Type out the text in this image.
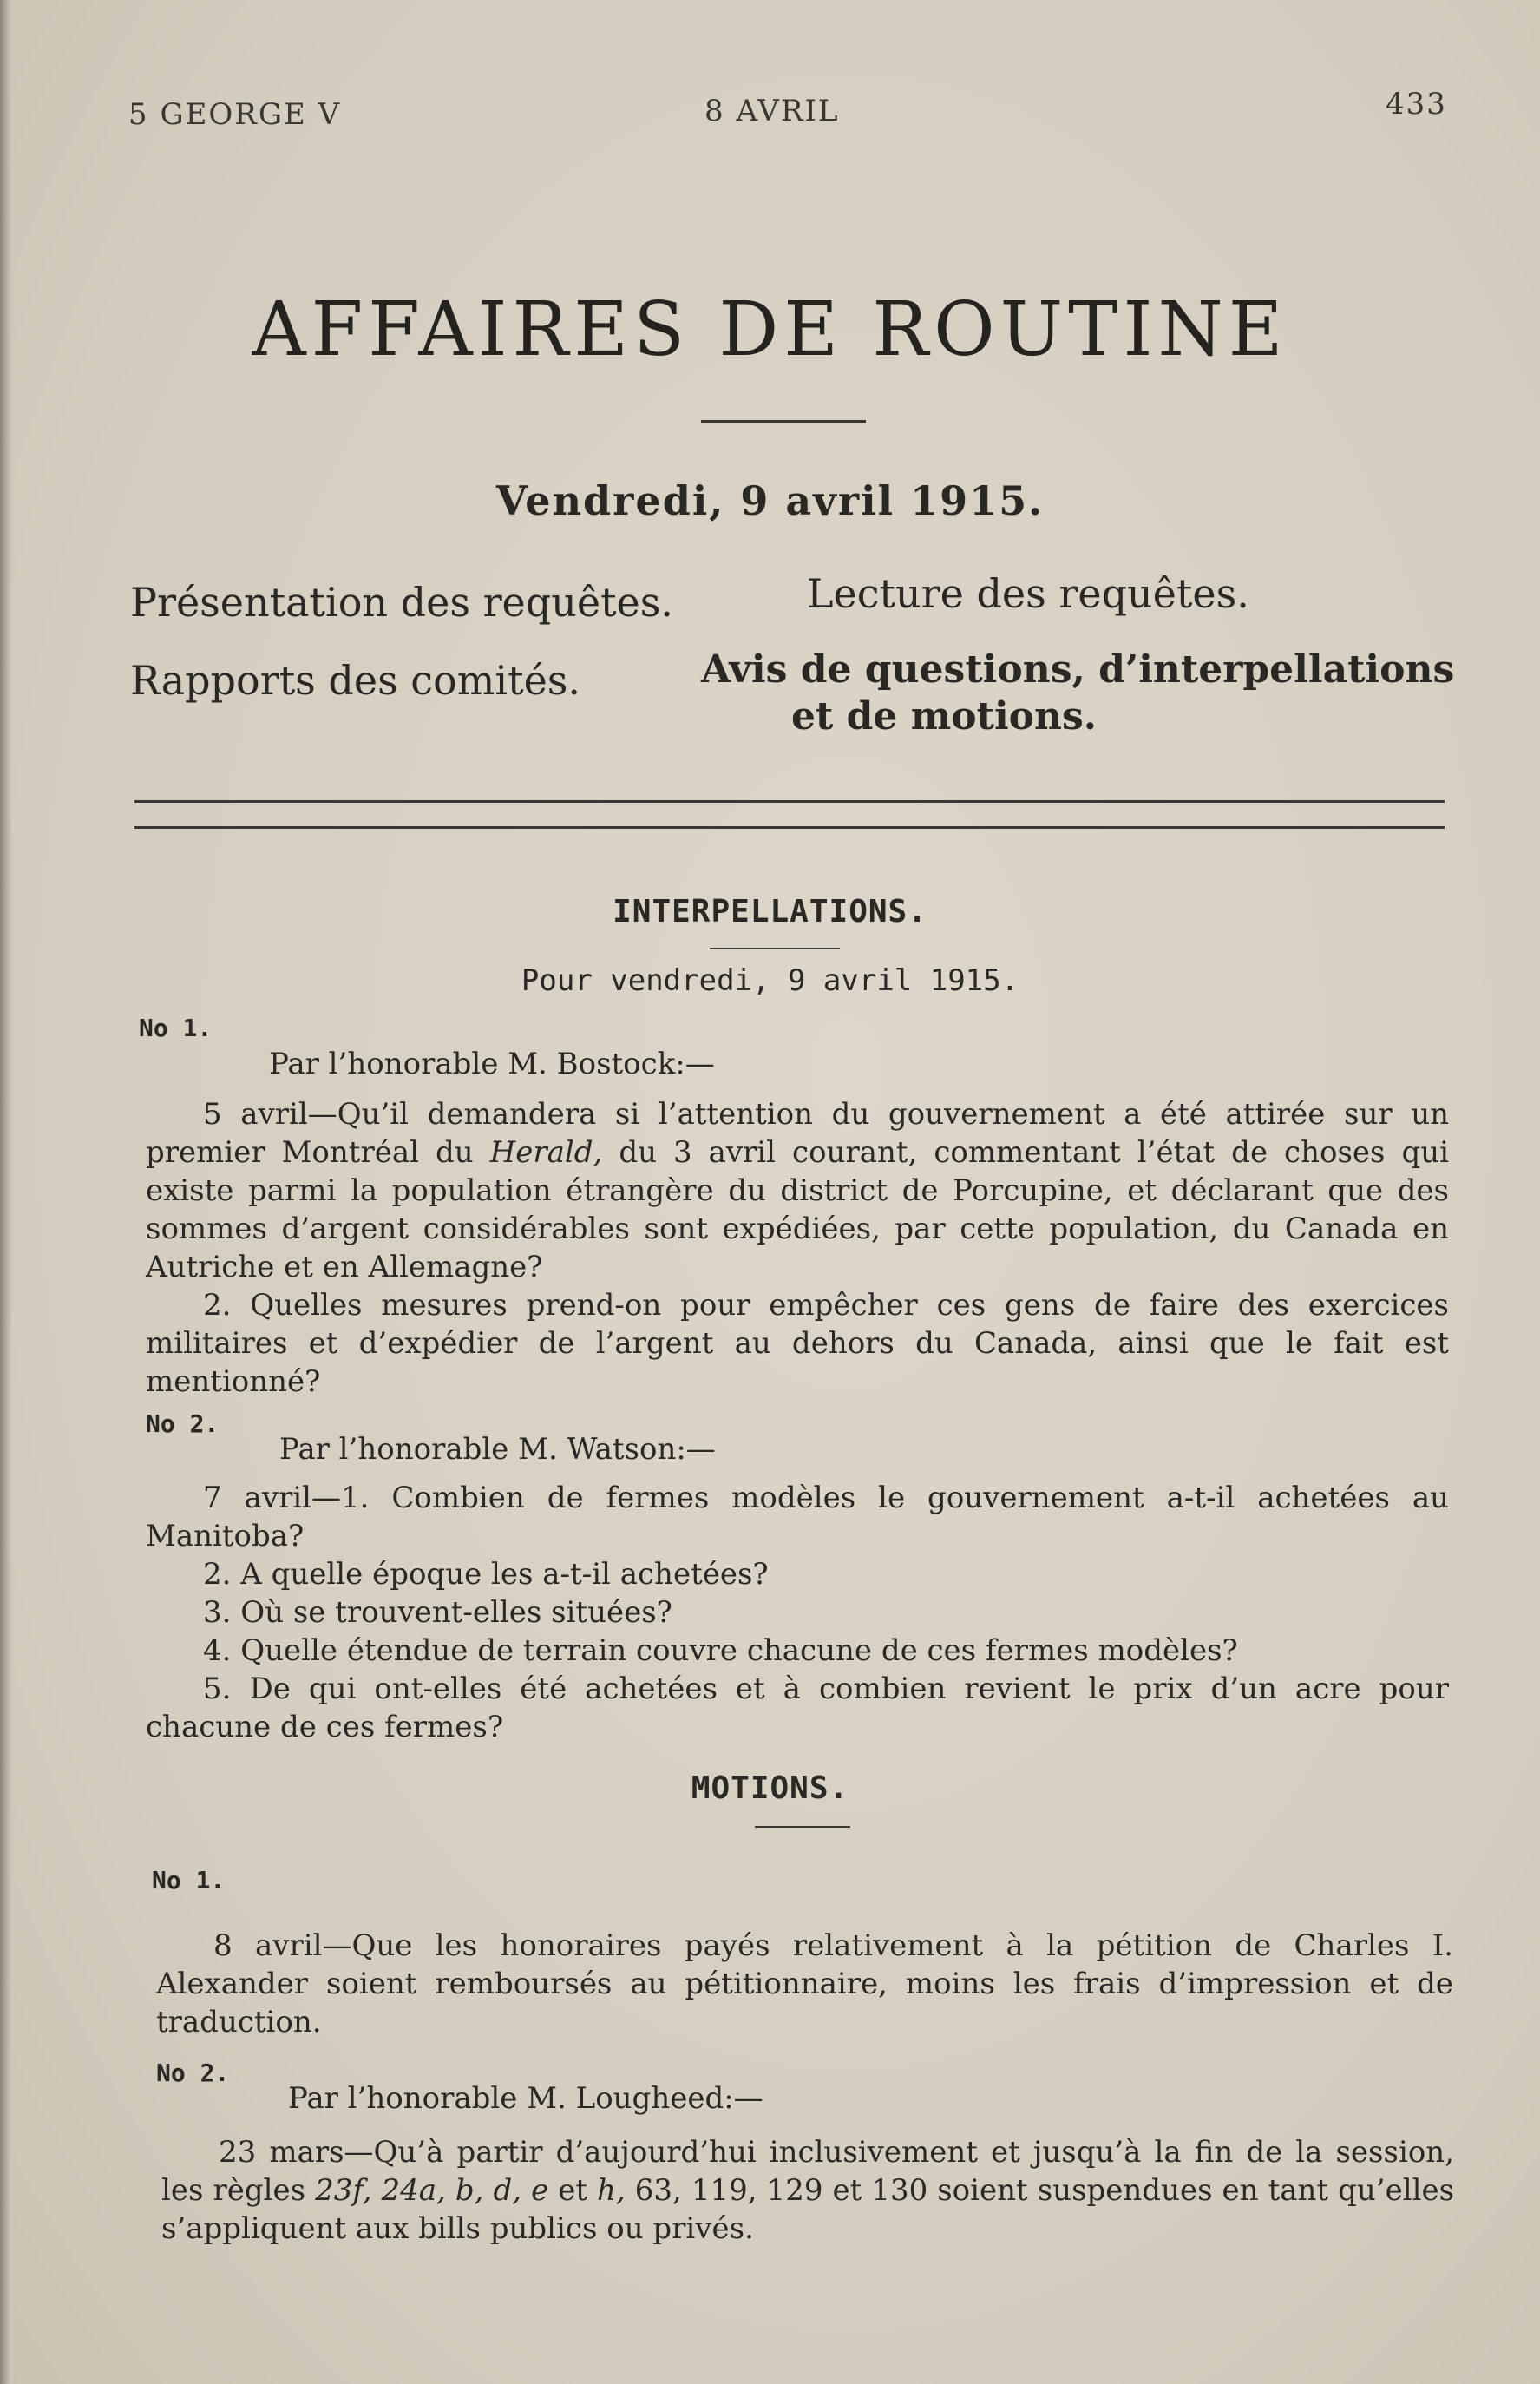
5 GEORGE V	8 AVRIL	433
AFFAIRES DE ROUTINE
Vendredi, 9 avril 1915.
Présentation des requêtes.	Lecture des requêtes.
Rapports des comités.	Avis de questions, d’interpellations
et de motions.
INTERPELLATIONS.
Pour vendredi, 9 avril 1915.
No 1.
Par l’honorable M. Bostock:—

5 avril—Qu’il demandera si l’attention du gouvernement a été attirée sur un premier Montréal du Herald, du 3 avril courant, commentant l’état de choses qui existe parmi la population étrangère du district de Porcupine, et déclarant que des sommes d’argent considérables sont expédiées, par cette population, du Canada en Autriche et en Allemagne?

2. Quelles mesures prend-on pour empêcher ces gens de faire des exercices militaires et d’expédier de l’argent au dehors du Canada, ainsi que le fait est mentionné?

No 2.
Par l’honorable M. Watson:—

7 avril—1. Combien de fermes modèles le gouvernement a-t-il achetées au Manitoba?

2. A quelle époque les a-t-il achetées?

3. Où se trouvent-elles situées?

4. Quelle étendue de terrain couvre chacune de ces fermes modèles?

5. De qui ont-elles été achetées et à combien revient le prix d’un acre pour chacune de ces fermes?

MOTIONS.
No 1.

8 avril—Que les honoraires payés relativement à la pétition de Charles I. Alexander soient remboursés au pétitionnaire, moins les frais d’impression et de traduction.

No 2.
Par l’honorable M. Lougheed:—

23 mars—Qu’à partir d’aujourd’hui inclusivement et jusqu’à la fin de la session, les règles 23f, 24a, b, d, e et h, 63, 119, 129 et 130 soient suspendues en tant qu’elles s’appliquent aux bills publics ou privés.
